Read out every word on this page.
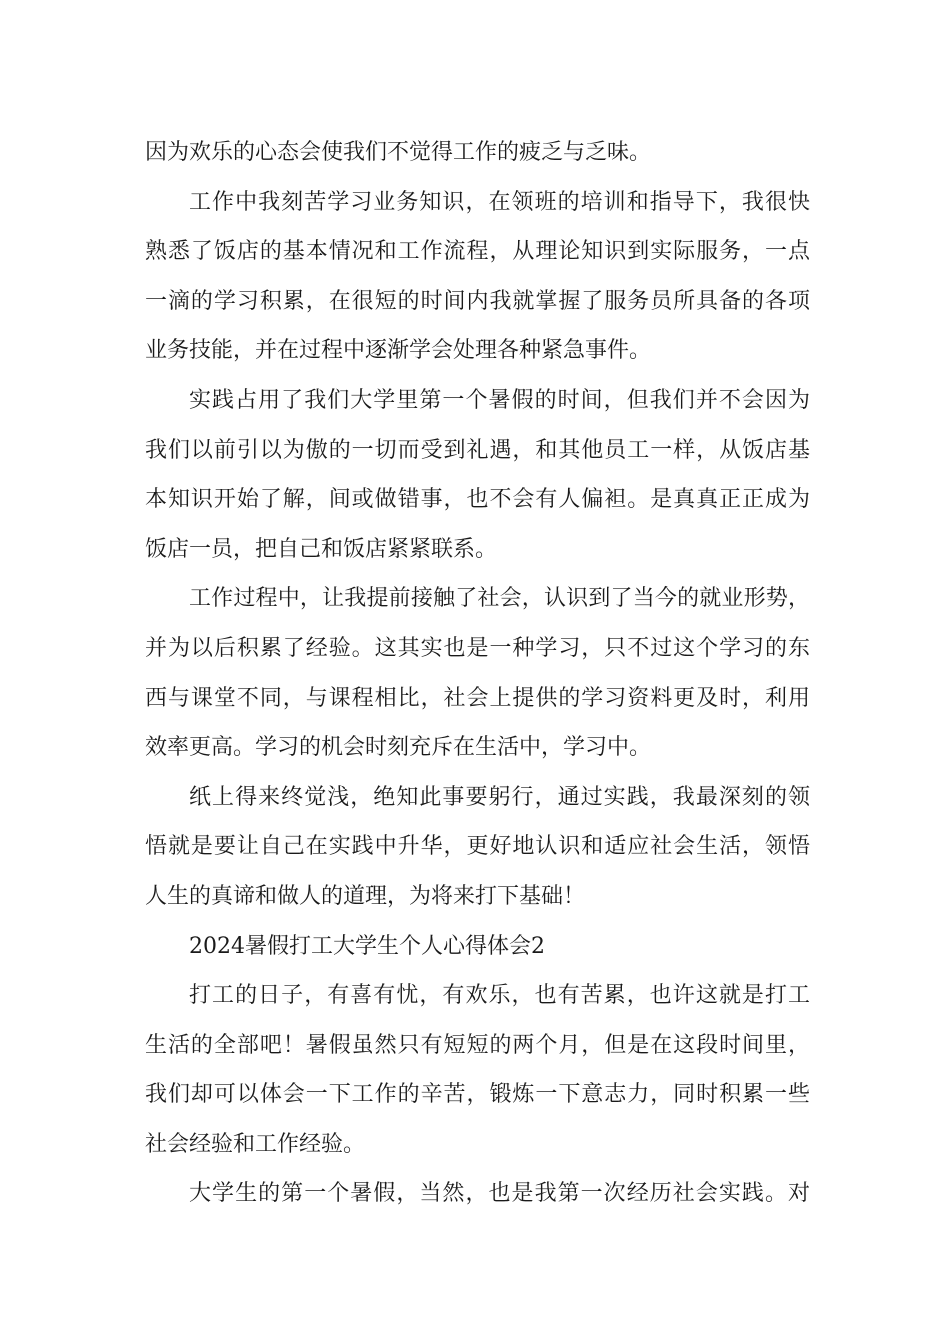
因为欢乐的心态会使我们不觉得工作的疲乏与乏味。
工作中我刻苦学习业务知识，在领班的培训和指导下，我很快
熟悉了饭店的基本情况和工作流程，从理论知识到实际服务，一点
一滴的学习积累，在很短的时间内我就掌握了服务员所具备的各项
业务技能，并在过程中逐渐学会处理各种紧急事件。
实践占用了我们大学里第一个暑假的时间，但我们并不会因为
我们以前引以为傲的一切而受到礼遇，和其他员工一样，从饭店基
本知识开始了解，间或做错事，也不会有人偏袒。是真真正正成为
饭店一员，把自己和饭店紧紧联系。
工作过程中，让我提前接触了社会，认识到了当今的就业形势，
并为以后积累了经验。这其实也是一种学习，只不过这个学习的东
西与课堂不同，与课程相比，社会上提供的学习资料更及时，利用
效率更高。学习的机会时刻充斥在生活中，学习中。
纸上得来终觉浅，绝知此事要躬行，通过实践，我最深刻的领
悟就是要让自己在实践中升华，更好地认识和适应社会生活，领悟
人生的真谛和做人的道理，为将来打下基础！
2024暑假打工大学生个人心得体会2
打工的日子，有喜有忧，有欢乐，也有苦累，也许这就是打工
生活的全部吧！暑假虽然只有短短的两个月，但是在这段时间里，
我们却可以体会一下工作的辛苦，锻炼一下意志力，同时积累一些
社会经验和工作经验。
大学生的第一个暑假，当然，也是我第一次经历社会实践。对
